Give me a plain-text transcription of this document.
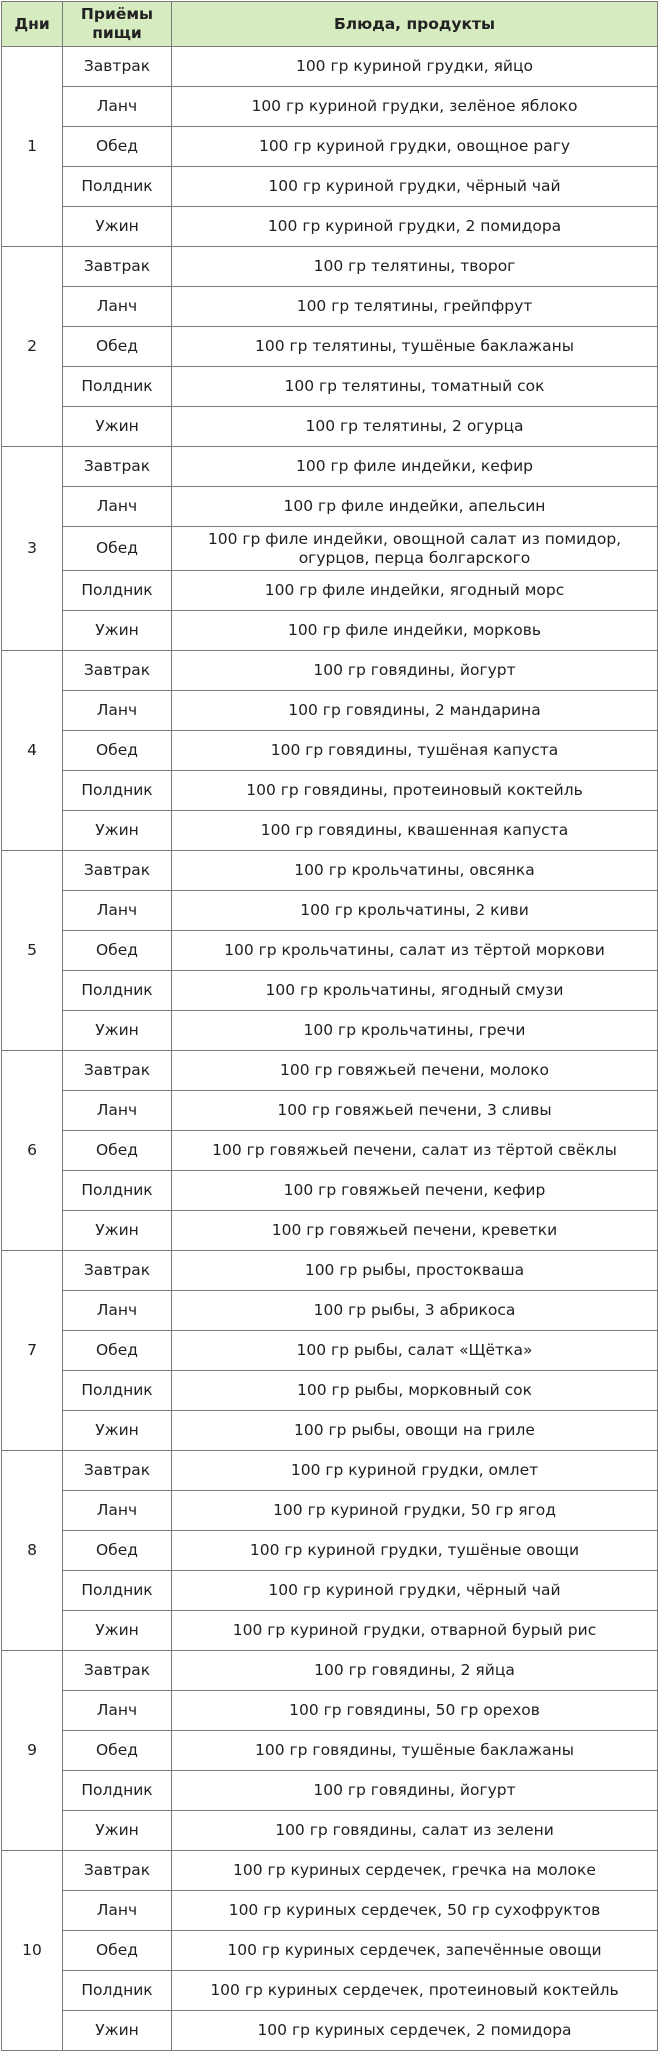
Дни	Приёмы пищи	Блюда, продукты
1	Завтрак	100 гр куриной грудки, яйцо
	Ланч	100 гр куриной грудки, зелёное яблоко
	Обед	100 гр куриной грудки, овощное рагу
	Полдник	100 гр куриной грудки, чёрный чай
	Ужин	100 гр куриной грудки, 2 помидора
2	Завтрак	100 гр телятины, творог
	Ланч	100 гр телятины, грейпфрут
	Обед	100 гр телятины, тушёные баклажаны
	Полдник	100 гр телятины, томатный сок
	Ужин	100 гр телятины, 2 огурца
3	Завтрак	100 гр филе индейки, кефир
	Ланч	100 гр филе индейки, апельсин
	Обед	100 гр филе индейки, овощной салат из помидор, огурцов, перца болгарского
	Полдник	100 гр филе индейки, ягодный морс
	Ужин	100 гр филе индейки, морковь
4	Завтрак	100 гр говядины, йогурт
	Ланч	100 гр говядины, 2 мандарина
	Обед	100 гр говядины, тушёная капуста
	Полдник	100 гр говядины, протеиновый коктейль
	Ужин	100 гр говядины, квашенная капуста
5	Завтрак	100 гр крольчатины, овсянка
	Ланч	100 гр крольчатины, 2 киви
	Обед	100 гр крольчатины, салат из тёртой моркови
	Полдник	100 гр крольчатины, ягодный смузи
	Ужин	100 гр крольчатины, гречи
6	Завтрак	100 гр говяжьей печени, молоко
	Ланч	100 гр говяжьей печени, 3 сливы
	Обед	100 гр говяжьей печени, салат из тёртой свёклы
	Полдник	100 гр говяжьей печени, кефир
	Ужин	100 гр говяжьей печени, креветки
7	Завтрак	100 гр рыбы, простокваша
	Ланч	100 гр рыбы, 3 абрикоса
	Обед	100 гр рыбы, салат «Щётка»
	Полдник	100 гр рыбы, морковный сок
	Ужин	100 гр рыбы, овощи на гриле
8	Завтрак	100 гр куриной грудки, омлет
	Ланч	100 гр куриной грудки, 50 гр ягод
	Обед	100 гр куриной грудки, тушёные овощи
	Полдник	100 гр куриной грудки, чёрный чай
	Ужин	100 гр куриной грудки, отварной бурый рис
9	Завтрак	100 гр говядины, 2 яйца
	Ланч	100 гр говядины, 50 гр орехов
	Обед	100 гр говядины, тушёные баклажаны
	Полдник	100 гр говядины, йогурт
	Ужин	100 гр говядины, салат из зелени
10	Завтрак	100 гр куриных сердечек, гречка на молоке
	Ланч	100 гр куриных сердечек, 50 гр сухофруктов
	Обед	100 гр куриных сердечек, запечённые овощи
	Полдник	100 гр куриных сердечек, протеиновый коктейль
	Ужин	100 гр куриных сердечек, 2 помидора
